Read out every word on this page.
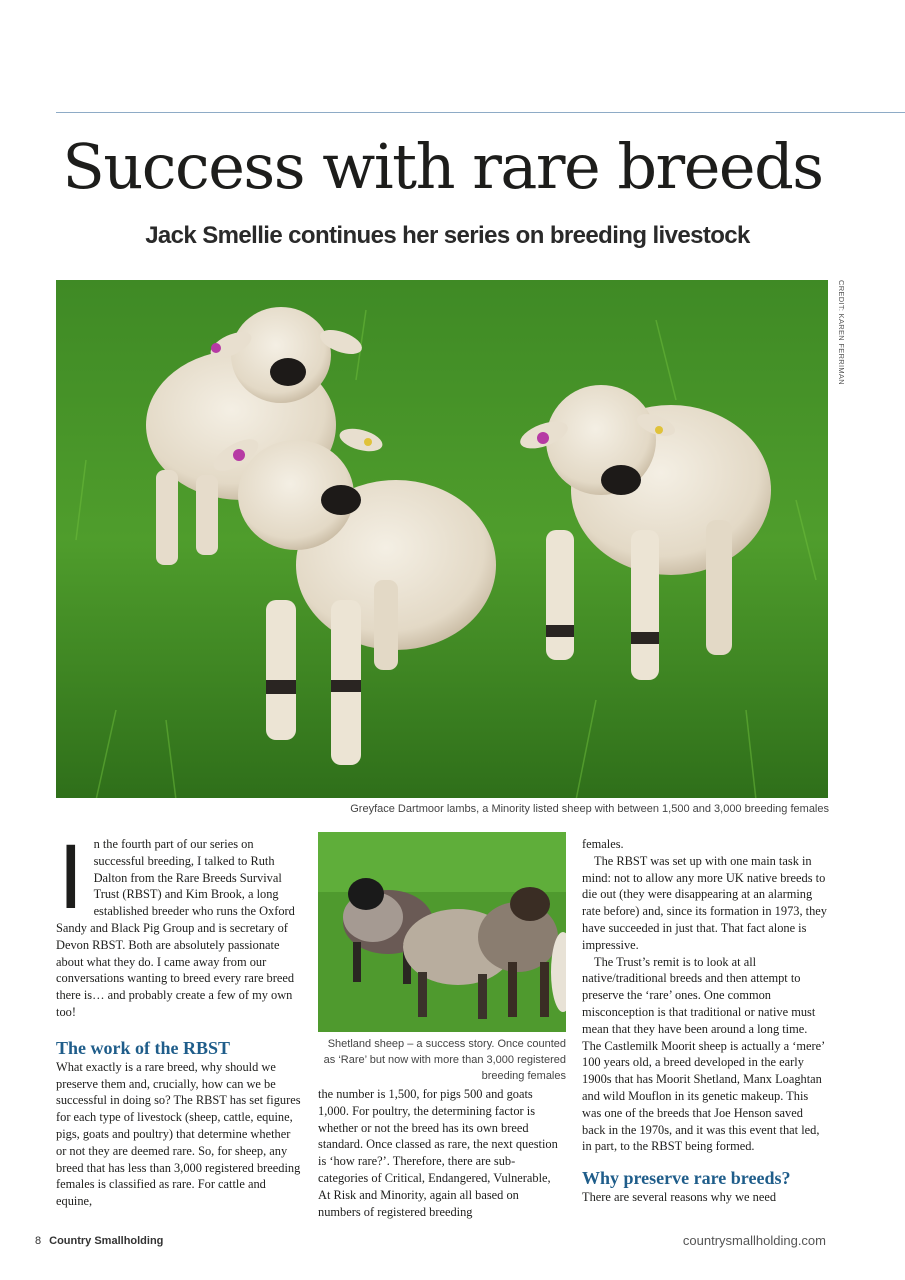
Success with rare breeds
Jack Smellie continues her series on breeding livestock
CREDIT: KAREN FERRIMAN
Greyface Dartmoor lambs, a Minority listed sheep with between 1,500 and 3,000 breeding females

In the fourth part of our series on successful breeding, I talked to Ruth Dalton from the Rare Breeds Survival Trust (RBST) and Kim Brook, a long established breeder who runs the Oxford Sandy and Black Pig Group and is secretary of Devon RBST. Both are absolutely passionate about what they do. I came away from our conversations wanting to breed every rare breed there is… and probably create a few of my own too!

The work of the RBST

What exactly is a rare breed, why should we preserve them and, crucially, how can we be successful in doing so? The RBST has set figures for each type of livestock (sheep, cattle, equine, pigs, goats and poultry) that determine whether or not they are deemed rare. So, for sheep, any breed that has less than 3,000 registered breeding females is classified as rare. For cattle and equine,

Shetland sheep – a success story. Once counted as ‘Rare’ but now with more than 3,000 registered breeding females

the number is 1,500, for pigs 500 and goats 1,000. For poultry, the determining factor is whether or not the breed has its own breed standard. Once classed as rare, the next question is ‘how rare?’. Therefore, there are sub-categories of Critical, Endangered, Vulnerable, At Risk and Minority, again all based on numbers of registered breeding

females.

The RBST was set up with one main task in mind: not to allow any more UK native breeds to die out (they were disappearing at an alarming rate before) and, since its formation in 1973, they have succeeded in just that. That fact alone is impressive.

The Trust’s remit is to look at all native/traditional breeds and then attempt to preserve the ‘rare’ ones. One common misconception is that traditional or native must mean that they have been around a long time. The Castlemilk Moorit sheep is actually a ‘mere’ 100 years old, a breed developed in the early 1900s that has Moorit Shetland, Manx Loaghtan and wild Mouflon in its genetic makeup. This was one of the breeds that Joe Henson saved back in the 1970s, and it was this event that led, in part, to the RBST being formed.

Why preserve rare breeds?

There are several reasons why we need

8 Country Smallholding	countrysmallholding.com
